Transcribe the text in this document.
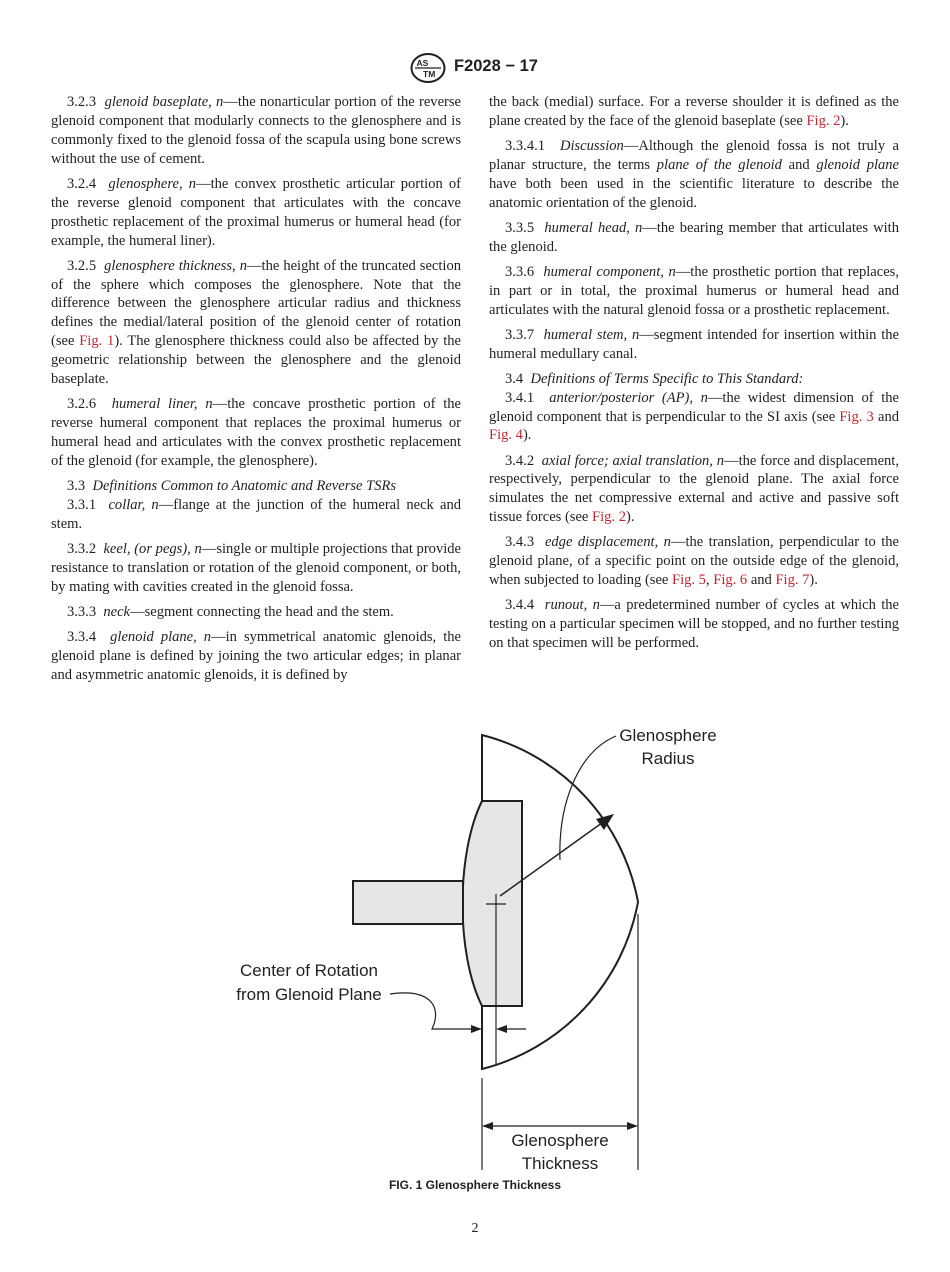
AS
TM F2028 − 17

3.2.3 glenoid baseplate, n—the nonarticular portion of the reverse glenoid component that modularly connects to the glenosphere and is commonly fixed to the glenoid fossa of the scapula using bone screws without the use of cement.

3.2.4 glenosphere, n—the convex prosthetic articular portion of the reverse glenoid component that articulates with the concave prosthetic replacement of the proximal humerus or humeral head (for example, the humeral liner).

3.2.5 glenosphere thickness, n—the height of the truncated section of the sphere which composes the glenosphere. Note that the difference between the glenosphere articular radius and thickness defines the medial/lateral position of the glenoid center of rotation (see Fig. 1). The glenosphere thickness could also be affected by the geometric relationship between the glenosphere and the glenoid baseplate.

3.2.6 humeral liner, n—the concave prosthetic portion of the reverse humeral component that replaces the proximal humerus or humeral head and articulates with the convex prosthetic replacement of the glenoid (for example, the glenosphere).

3.3 Definitions Common to Anatomic and Reverse TSRs

3.3.1 collar, n—flange at the junction of the humeral neck and stem.

3.3.2 keel, (or pegs), n—single or multiple projections that provide resistance to translation or rotation of the glenoid component, or both, by mating with cavities created in the glenoid fossa.

3.3.3 neck—segment connecting the head and the stem.

3.3.4 glenoid plane, n—in symmetrical anatomic glenoids, the glenoid plane is defined by joining the two articular edges; in planar and asymmetric anatomic glenoids, it is defined by

the back (medial) surface. For a reverse shoulder it is defined as the plane created by the face of the glenoid baseplate (see Fig. 2).

3.3.4.1 Discussion—Although the glenoid fossa is not truly a planar structure, the terms plane of the glenoid and glenoid plane have both been used in the scientific literature to describe the anatomic orientation of the glenoid.

3.3.5 humeral head, n—the bearing member that articulates with the glenoid.

3.3.6 humeral component, n—the prosthetic portion that replaces, in part or in total, the proximal humerus or humeral head and articulates with the natural glenoid fossa or a prosthetic replacement.

3.3.7 humeral stem, n—segment intended for insertion within the humeral medullary canal.

3.4 Definitions of Terms Specific to This Standard:

3.4.1 anterior/posterior (AP), n—the widest dimension of the glenoid component that is perpendicular to the SI axis (see Fig. 3 and Fig. 4).

3.4.2 axial force; axial translation, n—the force and displacement, respectively, perpendicular to the glenoid plane. The axial force simulates the net compressive external and active and passive soft tissue forces (see Fig. 2).

3.4.3 edge displacement, n—the translation, perpendicular to the glenoid plane, of a specific point on the outside edge of the glenoid, when subjected to loading (see Fig. 5, Fig. 6 and Fig. 7).

3.4.4 runout, n—a predetermined number of cycles at which the testing on a particular specimen will be stopped, and no further testing on that specimen will be performed.

Glenosphere
Radius
Center of Rotation
from Glenoid Plane
Glenosphere
Thickness
FIG. 1 Glenosphere Thickness
2
